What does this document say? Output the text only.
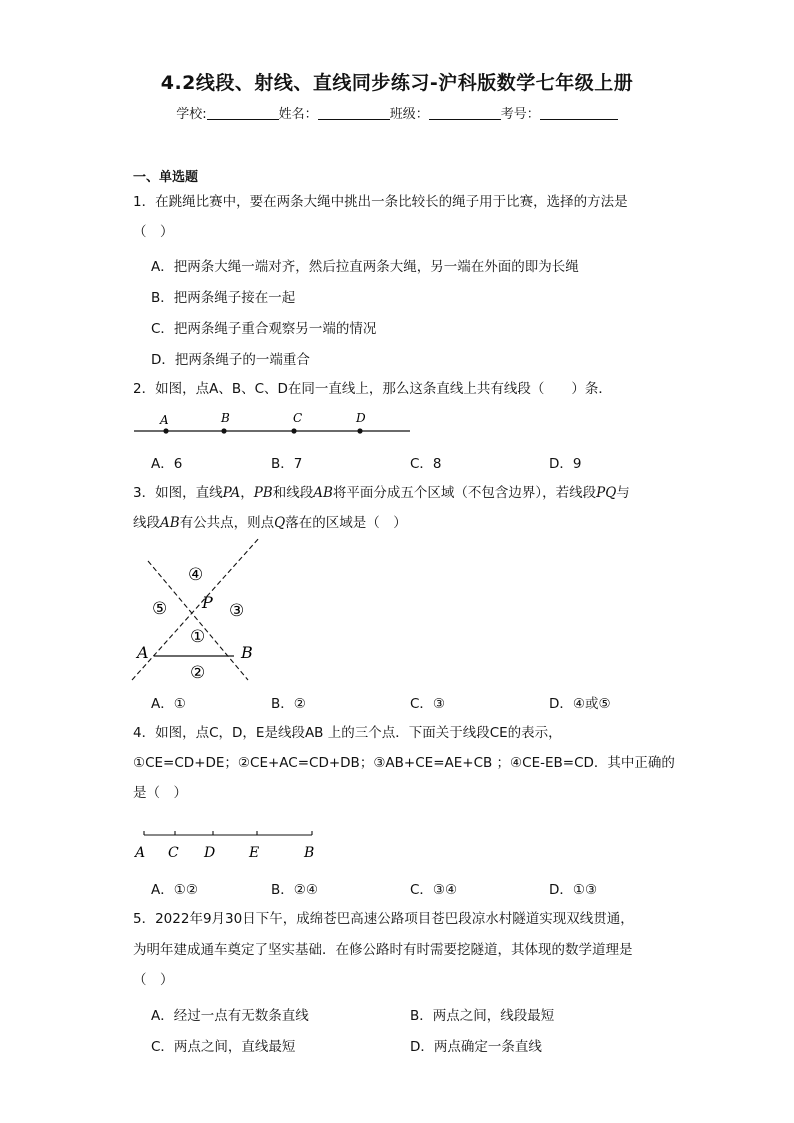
4.2线段、射线、直线同步练习-沪科版数学七年级上册
学校:	姓名：	班级：	考号：
一、单选题
1．在跳绳比赛中，要在两条大绳中挑出一条比较长的绳子用于比赛，选择的方法是
（　）
A．把两条大绳一端对齐，然后拉直两条大绳，另一端在外面的即为长绳
B．把两条绳子接在一起
C．把两条绳子重合观察另一端的情况
D．把两条绳子的一端重合
2．如图，点A、B、C、D在同一直线上，那么这条直线上共有线段（　　）条．
A	B	C	D
A．6	B．7	C．8	D．9
3．如图，直线PA，PB和线段AB将平面分成五个区域（不包含边界），若线段PQ与
线段AB有公共点，则点Q落在的区域是（　）
④
⑤ P ③
①
A	B
②
A．①	B．②	C．③	D．④或⑤
4．如图，点C，D，E是线段AB 上的三个点．下面关于线段CE的表示，
①CE=CD+DE；②CE+AC=CD+DB；③AB+CE=AE+CB ；④CE-EB=CD．其中正确的
是（　）
A C D E	B
A．①②	B．②④	C．③④	D．①③
5．2022年9月30日下午，成绵苍巴高速公路项目苍巴段凉水村隧道实现双线贯通，
为明年建成通车奠定了坚实基础．在修公路时有时需要挖隧道，其体现的数学道理是
（　）
A．经过一点有无数条直线	B．两点之间，线段最短
C．两点之间，直线最短	D．两点确定一条直线
